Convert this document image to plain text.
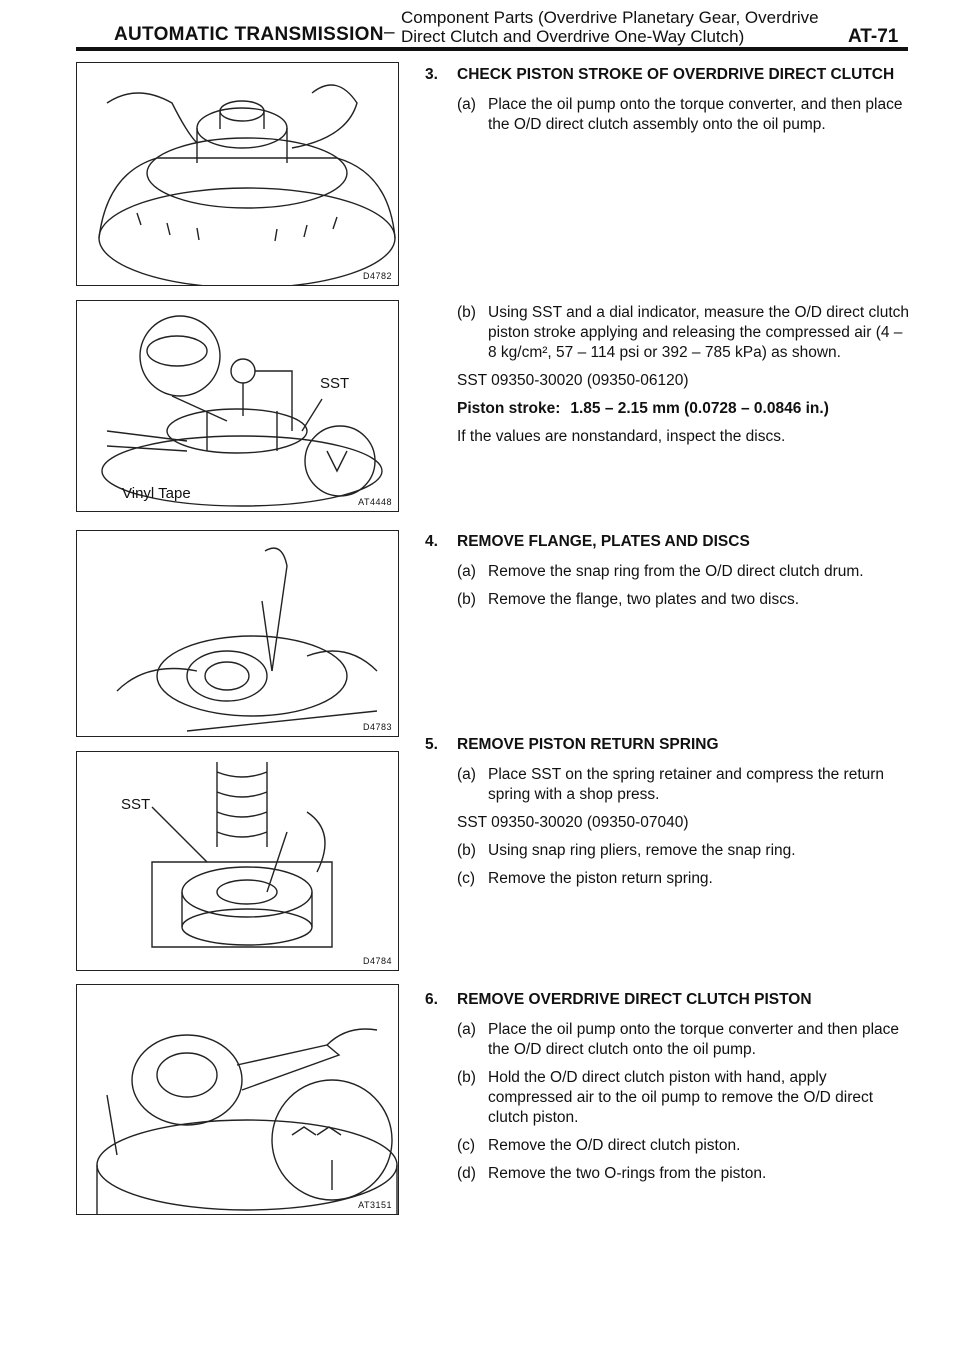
AUTOMATIC TRANSMISSION –
Component Parts (Overdrive Planetary Gear, Overdrive
Direct Clutch and Overdrive One-Way Clutch)	AT-71
D4782
SST
Vinyl Tape	AT4448
D4783
SST
D4784
AT3151
3. CHECK PISTON STROKE OF OVERDRIVE DIRECT CLUTCH
(a) Place the oil pump onto the torque converter, and then place the O/D direct clutch assembly onto the oil pump.
(b) Using SST and a dial indicator, measure the O/D direct clutch piston stroke applying and releasing the compressed air (4 – 8 kg/cm², 57 – 114 psi or 392 – 785 kPa) as shown.
SST 09350-30020 (09350-06120)
Piston stroke: 1.85 – 2.15 mm (0.0728 – 0.0846 in.)
If the values are nonstandard, inspect the discs.
4. REMOVE FLANGE, PLATES AND DISCS
(a) Remove the snap ring from the O/D direct clutch drum.
(b) Remove the flange, two plates and two discs.
5. REMOVE PISTON RETURN SPRING
(a) Place SST on the spring retainer and compress the return spring with a shop press.
SST 09350-30020 (09350-07040)
(b) Using snap ring pliers, remove the snap ring.
(c) Remove the piston return spring.
6. REMOVE OVERDRIVE DIRECT CLUTCH PISTON
(a) Place the oil pump onto the torque converter and then place the O/D direct clutch onto the oil pump.
(b) Hold the O/D direct clutch piston with hand, apply compressed air to the oil pump to remove the O/D direct clutch piston.
(c) Remove the O/D direct clutch piston.
(d) Remove the two O-rings from the piston.
